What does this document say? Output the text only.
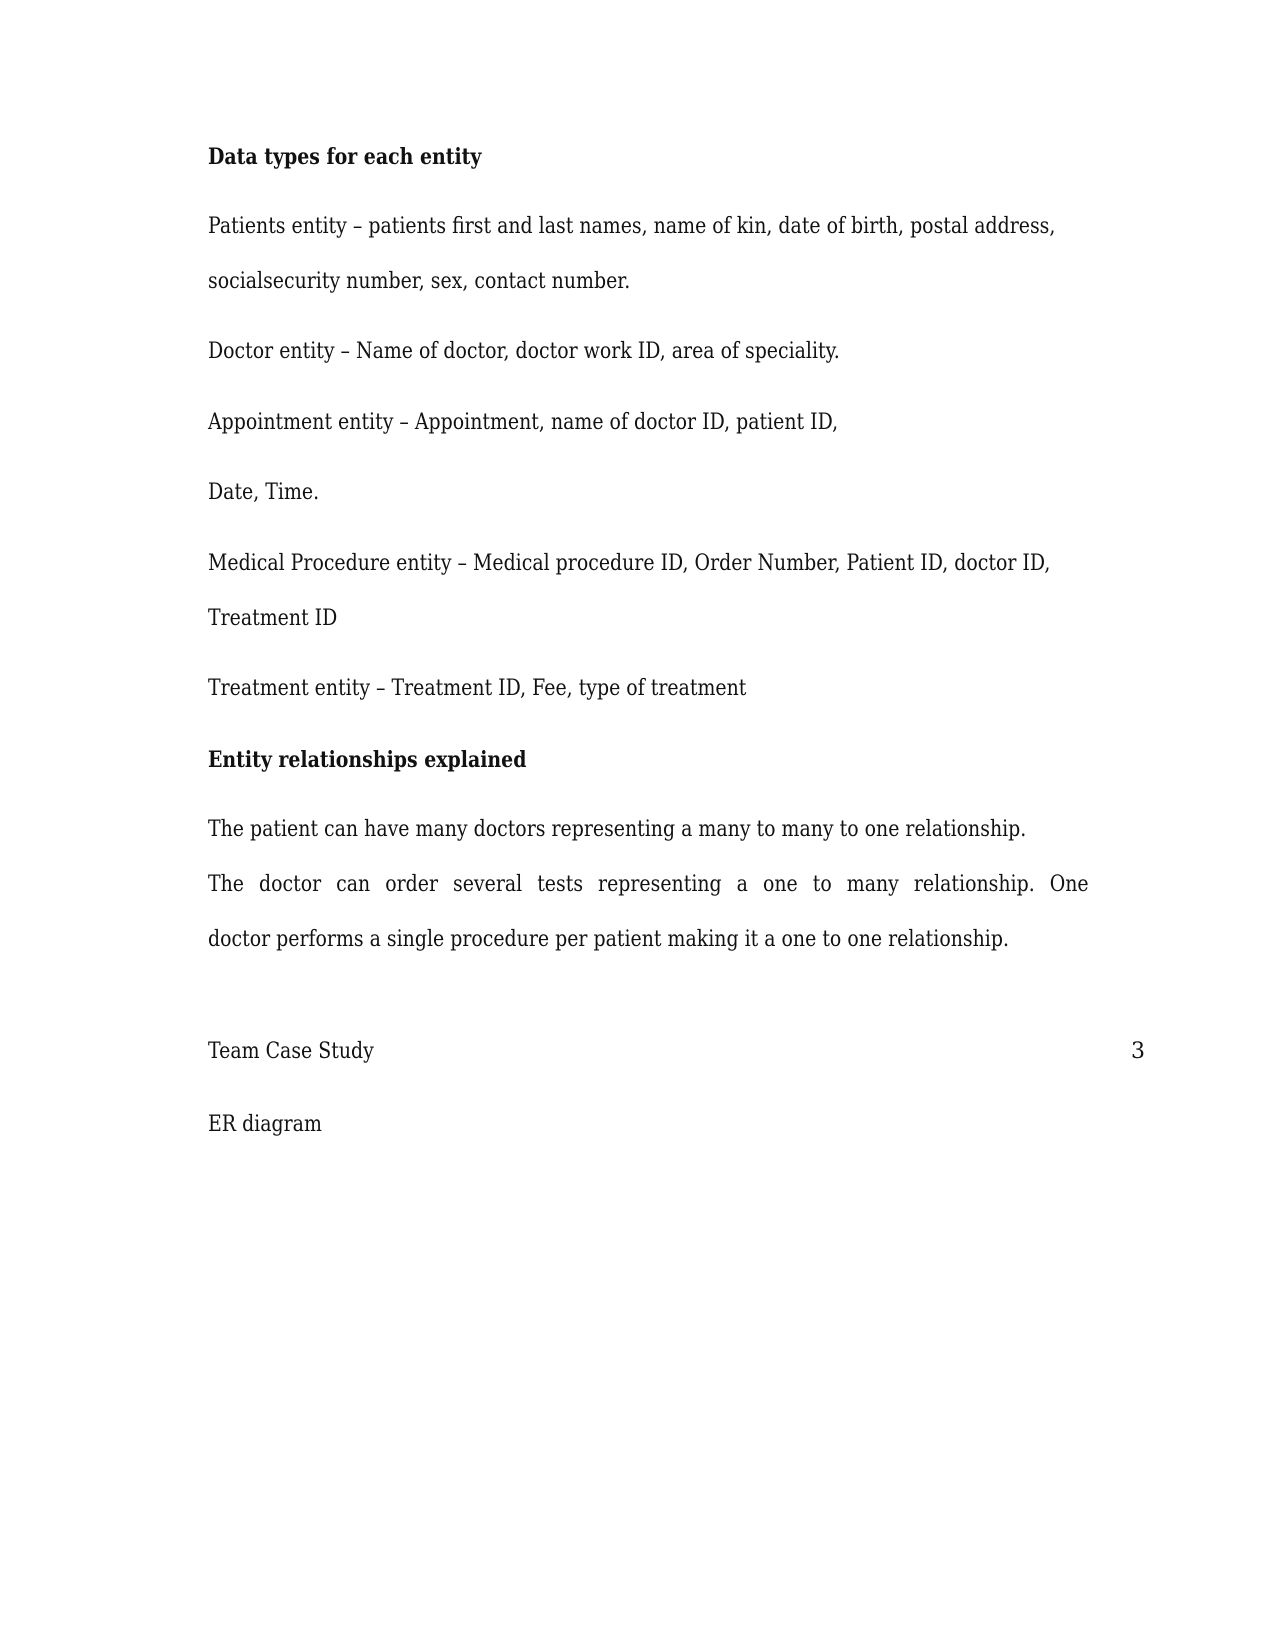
Data types for each entity
Patients entity – patients first and last names, name of kin, date of birth, postal address,
socialsecurity number, sex, contact number.
Doctor entity – Name of doctor, doctor work ID, area of speciality.
Appointment entity – Appointment, name of doctor ID, patient ID,
Date, Time.
Medical Procedure entity – Medical procedure ID, Order Number, Patient ID, doctor ID,
Treatment ID
Treatment entity – Treatment ID, Fee, type of treatment
Entity relationships explained
The patient can have many doctors representing a many to many to one relationship.
The doctor can order several tests representing a one to many relationship. One
doctor performs a single procedure per patient making it a one to one relationship.
Team Case Study	3
ER diagram
